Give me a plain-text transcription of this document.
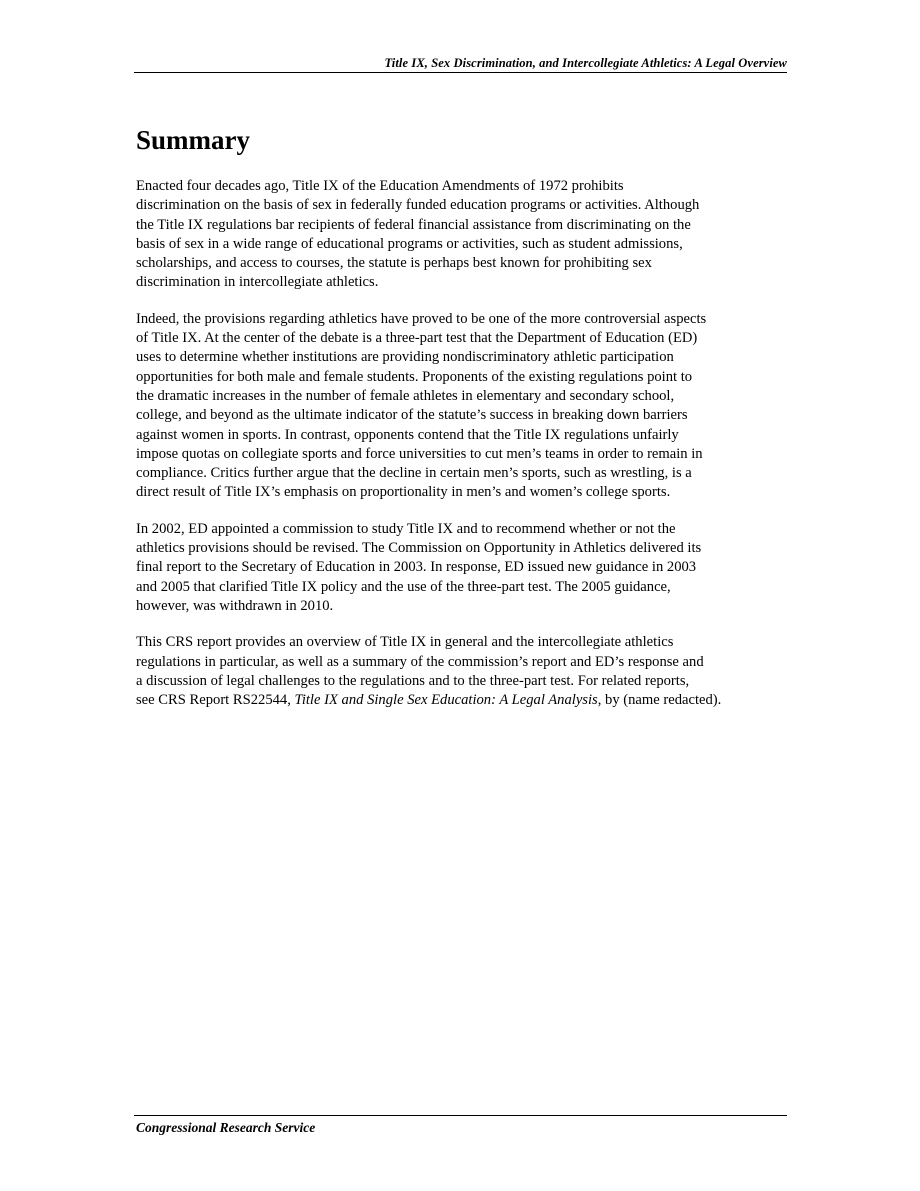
Title IX, Sex Discrimination, and Intercollegiate Athletics: A Legal Overview
Summary

Enacted four decades ago, Title IX of the Education Amendments of 1972 prohibits
discrimination on the basis of sex in federally funded education programs or activities. Although
the Title IX regulations bar recipients of federal financial assistance from discriminating on the
basis of sex in a wide range of educational programs or activities, such as student admissions,
scholarships, and access to courses, the statute is perhaps best known for prohibiting sex
discrimination in intercollegiate athletics.

Indeed, the provisions regarding athletics have proved to be one of the more controversial aspects
of Title IX. At the center of the debate is a three-part test that the Department of Education (ED)
uses to determine whether institutions are providing nondiscriminatory athletic participation
opportunities for both male and female students. Proponents of the existing regulations point to
the dramatic increases in the number of female athletes in elementary and secondary school,
college, and beyond as the ultimate indicator of the statute’s success in breaking down barriers
against women in sports. In contrast, opponents contend that the Title IX regulations unfairly
impose quotas on collegiate sports and force universities to cut men’s teams in order to remain in
compliance. Critics further argue that the decline in certain men’s sports, such as wrestling, is a
direct result of Title IX’s emphasis on proportionality in men’s and women’s college sports.

In 2002, ED appointed a commission to study Title IX and to recommend whether or not the
athletics provisions should be revised. The Commission on Opportunity in Athletics delivered its
final report to the Secretary of Education in 2003. In response, ED issued new guidance in 2003
and 2005 that clarified Title IX policy and the use of the three-part test. The 2005 guidance,
however, was withdrawn in 2010.

This CRS report provides an overview of Title IX in general and the intercollegiate athletics
regulations in particular, as well as a summary of the commission’s report and ED’s response and
a discussion of legal challenges to the regulations and to the three-part test. For related reports,
see CRS Report RS22544, Title IX and Single Sex Education: A Legal Analysis, by (name redacted).

Congressional Research Service
